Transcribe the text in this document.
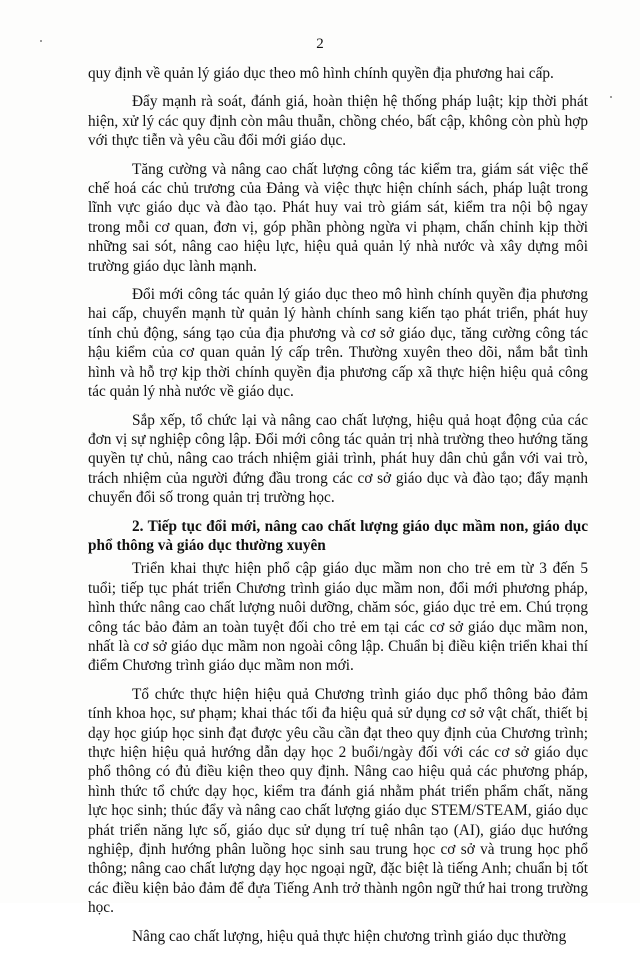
2

quy định về quản lý giáo dục theo mô hình chính quyền địa phương hai cấp.

Đẩy mạnh rà soát, đánh giá, hoàn thiện hệ thống pháp luật; kịp thời phát hiện, xử lý các quy định còn mâu thuẫn, chồng chéo, bất cập, không còn phù hợp với thực tiễn và yêu cầu đổi mới giáo dục.

Tăng cường và nâng cao chất lượng công tác kiểm tra, giám sát việc thể chế hoá các chủ trương của Đảng và việc thực hiện chính sách, pháp luật trong lĩnh vực giáo dục và đào tạo. Phát huy vai trò giám sát, kiểm tra nội bộ ngay trong mỗi cơ quan, đơn vị, góp phần phòng ngừa vi phạm, chấn chỉnh kịp thời những sai sót, nâng cao hiệu lực, hiệu quả quản lý nhà nước và xây dựng môi trường giáo dục lành mạnh.

Đổi mới công tác quản lý giáo dục theo mô hình chính quyền địa phương hai cấp, chuyển mạnh từ quản lý hành chính sang kiến tạo phát triển, phát huy tính chủ động, sáng tạo của địa phương và cơ sở giáo dục, tăng cường công tác hậu kiểm của cơ quan quản lý cấp trên. Thường xuyên theo dõi, nắm bắt tình hình và hỗ trợ kịp thời chính quyền địa phương cấp xã thực hiện hiệu quả công tác quản lý nhà nước về giáo dục.

Sắp xếp, tổ chức lại và nâng cao chất lượng, hiệu quả hoạt động của các đơn vị sự nghiệp công lập. Đổi mới công tác quản trị nhà trường theo hướng tăng quyền tự chủ, nâng cao trách nhiệm giải trình, phát huy dân chủ gắn với vai trò, trách nhiệm của người đứng đầu trong các cơ sở giáo dục và đào tạo; đẩy mạnh chuyển đổi số trong quản trị trường học.

2. Tiếp tục đổi mới, nâng cao chất lượng giáo dục mầm non, giáo dục phổ thông và giáo dục thường xuyên

Triển khai thực hiện phổ cập giáo dục mầm non cho trẻ em từ 3 đến 5 tuổi; tiếp tục phát triển Chương trình giáo dục mầm non, đổi mới phương pháp, hình thức nâng cao chất lượng nuôi dưỡng, chăm sóc, giáo dục trẻ em. Chú trọng công tác bảo đảm an toàn tuyệt đối cho trẻ em tại các cơ sở giáo dục mầm non, nhất là cơ sở giáo dục mầm non ngoài công lập. Chuẩn bị điều kiện triển khai thí điểm Chương trình giáo dục mầm non mới.

Tổ chức thực hiện hiệu quả Chương trình giáo dục phổ thông bảo đảm tính khoa học, sư phạm; khai thác tối đa hiệu quả sử dụng cơ sở vật chất, thiết bị dạy học giúp học sinh đạt được yêu cầu cần đạt theo quy định của Chương trình; thực hiện hiệu quả hướng dẫn dạy học 2 buổi/ngày đối với các cơ sở giáo dục phổ thông có đủ điều kiện theo quy định. Nâng cao hiệu quả các phương pháp, hình thức tổ chức dạy học, kiểm tra đánh giá nhằm phát triển phẩm chất, năng lực học sinh; thúc đẩy và nâng cao chất lượng giáo dục STEM/STEAM, giáo dục phát triển năng lực số, giáo dục sử dụng trí tuệ nhân tạo (AI), giáo dục hướng nghiệp, định hướng phân luồng học sinh sau trung học cơ sở và trung học phổ thông; nâng cao chất lượng dạy học ngoại ngữ, đặc biệt là tiếng Anh; chuẩn bị tốt các điều kiện bảo đảm để đưa Tiếng Anh trở thành ngôn ngữ thứ hai trong trường học.

Nâng cao chất lượng, hiệu quả thực hiện chương trình giáo dục thường
